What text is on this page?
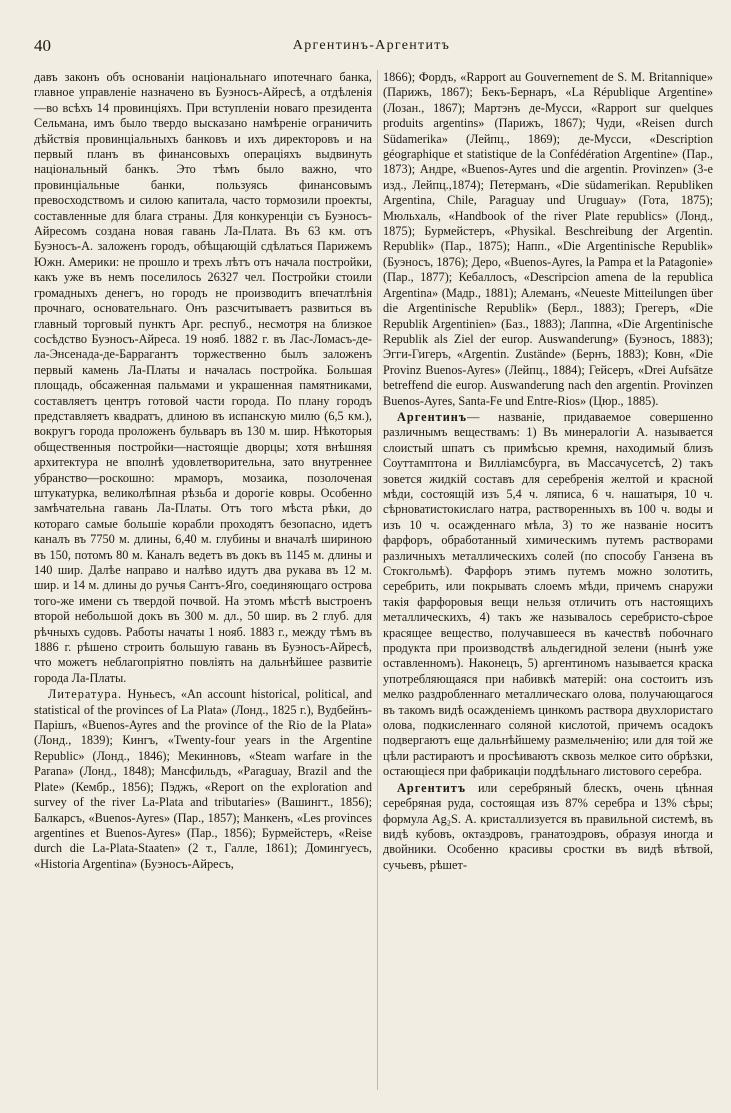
40	Аргентинъ-Аргентитъ

давъ законъ объ основаніи національнаго ипотечнаго банка, главное управленіе назначено въ Буэносъ-Айресѣ, а отдѣленія—во всѣхъ 14 провинціяхъ. При вступленіи новаго президента Сельмана, имъ было твердо высказано намѣреніе ограничить дѣйствія провинціальныхъ банковъ и ихъ директоровъ и на первый планъ въ финансовыхъ операціяхъ выдвинуть національный банкъ. Это тѣмъ было важно, что провинціальные банки, пользуясь финансовымъ превосходствомъ и силою капитала, часто тормозили проекты, составленные для блага страны. Для конкуренціи съ Буэносъ-Айресомъ создана новая гавань Ла-Плата. Въ 63 км. отъ Буэносъ-А. заложенъ городъ, обѣщающій сдѣлаться Парижемъ Южн. Америки: не прошло и трехъ лѣтъ отъ начала постройки, какъ уже въ немъ поселилось 26327 чел. Постройки стоили громадныхъ денегъ, но городъ не производитъ впечатлѣнія прочнаго, основательнаго. Онъ разсчитываетъ развиться въ главный торговый пунктъ Арг. респуб., несмотря на близкое сосѣдство Буэносъ-Айреса. 19 нояб. 1882 г. въ Лас-Ломасъ-де-ла-Энсенада-де-Баррагантъ торжественно былъ заложенъ первый камень Ла-Платы и началась постройка. Большая площадь, обсаженная пальмами и украшенная памятниками, составляетъ центръ готовой части города. По плану городъ представляетъ квадратъ, длиною въ испанскую милю (6,5 км.), вокругъ города проложенъ бульваръ въ 130 м. шир. Нѣкоторыя общественныя постройки—настоящіе дворцы; хотя внѣшняя архитектура не вполнѣ удовлетворительна, зато внутреннее убранство—роскошно: мраморъ, мозаика, позолоченая штукатурка, великолѣпная рѣзьба и дорогіе ковры. Особенно замѣчательна гавань Ла-Платы. Отъ того мѣста рѣки, до котораго самые большіе корабли проходятъ безопасно, идетъ каналъ въ 7750 м. длины, 6,40 м. глубины и вначалѣ шириною въ 150, потомъ 80 м. Каналъ ведетъ въ докъ въ 1145 м. длины и 140 шир. Далѣе направо и налѣво идутъ два рукава въ 12 м. шир. и 14 м. длины до ручья Сантъ-Яго, соединяющаго острова того-же имени съ твердой почвой. На этомъ мѣстѣ выстроенъ второй небольшой докъ въ 300 м. дл., 50 шир. въ 2 глуб. для рѣчныхъ судовъ. Работы начаты 1 нояб. 1883 г., между тѣмъ въ 1886 г. рѣшено строить большую гавань въ Буэносъ-Айресѣ, что можетъ неблагопріятно повліять на дальнѣйшее развитіе города Ла-Платы.

Литература. Нуньесъ, «An account historical, political, and statistical of the provinces of La Plata» (Лонд., 1825 г.), Вудбейнъ-Парішъ, «Buenos-Ayres and the province of the Rio de la Plata» (Лонд., 1839); Кингъ, «Twenty-four years in the Argentine Republic» (Лонд., 1846); Мекинновъ, «Steam warfare in the Parana» (Лонд., 1848); Мансфильдъ, «Paraguay, Brazil and the Plate» (Кембр., 1856); Пэджъ, «Report on the exploration and survey of the river La-Plata and tributaries» (Вашингт., 1856); Балкарсъ, «Buenos-Ayres» (Пар., 1857); Манкенъ, «Les provinces argentines et Buenos-Ayres» (Пар., 1856); Бурмейстеръ, «Reise durch die La-Plata-Staaten» (2 т., Галле, 1861); Домингуесъ, «Historia Argentina» (Буэносъ-Айресъ,

1866); Фордъ, «Rapport au Gouvernement de S. M. Britannique» (Парижъ, 1867); Бекъ-Бернаръ, «La République Argentine» (Лозан., 1867); Мартэнъ де-Мусси, «Rapport sur quelques produits argentins» (Парижъ, 1867); Чуди, «Reisen durch Südamerika» (Лейпц., 1869); де-Мусси, «Description géographique et statistique de la Confédération Argentine» (Пар., 1873); Андре, «Buenos-Ayres und die argentin. Provinzen» (3-е изд., Лейпц.,1874); Петерманъ, «Die südamerikan. Republiken Argentina, Chile, Paraguay und Uruguay» (Гота, 1875); Мюльхаль, «Handbook of the river Plate republics» (Лонд., 1875); Бурмейстеръ, «Physikal. Beschreibung der Argentin. Republik» (Пар., 1875); Напп., «Die Argentinische Republik» (Буэносъ, 1876); Деро, «Buenos-Ayres, la Pampa et la Patagonie» (Пар., 1877); Кебаллосъ, «Descripcion amena de la republica Argentina» (Мадр., 1881); Алеманъ, «Neueste Mitteilungen über die Argentinische Republik» (Берл., 1883); Грегеръ, «Die Republik Argentinien» (Баз., 1883); Лаппна, «Die Argentinische Republik als Ziel der europ. Auswanderung» (Буэносъ, 1883); Эгги-Гигеръ, «Argentin. Zustände» (Бернъ, 1883); Ковн, «Die Provinz Buenos-Ayres» (Лейпц., 1884); Гейсеръ, «Drei Aufsätze betreffend die europ. Auswanderung nach den argentin. Provinzen Buenos-Ayres, Santa-Fe und Entre-Rios» (Цюр., 1885).

Аргентинъ— названіе, придаваемое совершенно различнымъ веществамъ: 1) Въ минералогіи А. называется слоистый шпатъ съ примѣсью кремня, находимый близъ Соуттамптона и Вилліамсбурга, въ Массачусетсѣ, 2) такъ зовется жидкій составъ для серебренія желтой и красной мѣди, состоящій изъ 5,4 ч. ляписа, 6 ч. нашатыря, 10 ч. сѣрноватистокислаго натра, растворенныхъ въ 100 ч. воды и изъ 10 ч. осажденнаго мѣла, 3) то же названіе носитъ фарфоръ, обработанный химическимъ путемъ растворами различныхъ металлическихъ солей (по способу Ганзена въ Стокгольмѣ). Фарфоръ этимъ путемъ можно золотить, серебрить, или покрывать слоемъ мѣди, причемъ снаружи такія фарфоровыя вещи нельзя отличить отъ настоящихъ металлическихъ, 4) такъ же называлось серебристо-сѣрое красящее вещество, получавшееся въ качествѣ побочнаго продукта при производствѣ альдегидной зелени (нынѣ уже оставленномъ). Наконецъ, 5) аргентиномъ называется краска употребляющаяся при набивкѣ матерій: она состоитъ изъ мелко раздробленнаго металлическаго олова, получающагося въ такомъ видѣ осажденіемъ цинкомъ раствора двухлористаго олова, подкисленнаго соляной кислотой, причемъ осадокъ подвергаютъ еще дальнѣйшему размельченію; или для той же цѣли растираютъ и просѣиваютъ сквозь мелкое сито обрѣзки, остающіеся при фабрикаціи поддѣльнаго листового серебра.

Аргентитъ или серебряный блескъ, очень цѣнная серебряная руда, состоящая изъ 87% серебра и 13% сѣры; формула Ag₂S. А. кристаллизуется въ правильной системѣ, въ видѣ кубовъ, октаэдровъ, гранатоэдровъ, образуя иногда и двойники. Особенно красивы сростки въ видѣ вѣтвой, сучьевъ, рѣшет-
